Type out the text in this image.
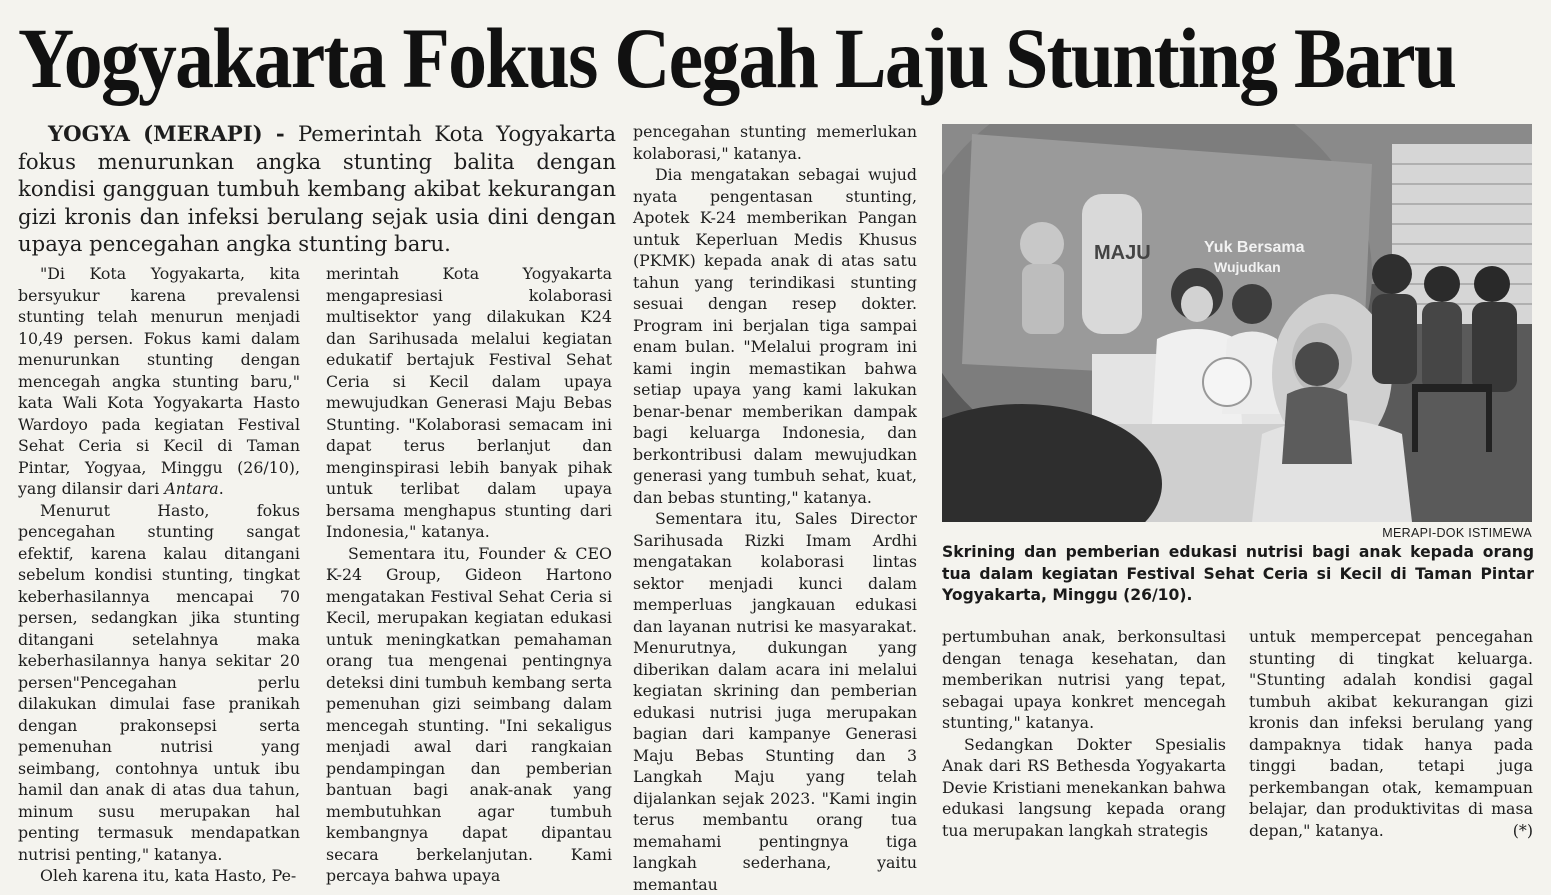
Yogyakarta Fokus Cegah Laju Stunting Baru

YOGYA (MERAPI) - Pemerintah Kota Yogyakarta fokus menurunkan angka stunting balita dengan kondisi gangguan tumbuh kembang akibat kekurangan gizi kronis dan infeksi berulang sejak usia dini dengan upaya pencegahan angka stunting baru.

"Di Kota Yogyakarta, kita bersyukur karena prevalensi stunting telah menurun menjadi 10,49 persen. Fokus kami dalam menurunkan stunting dengan mencegah angka stunting baru," kata Wali Kota Yogyakarta Hasto Wardoyo pada kegiatan Festival Sehat Ceria si Kecil di Taman Pintar, Yogyaa, Minggu (26/10), yang dilansir dari Antara.

Menurut Hasto, fokus pencegahan stunting sangat efektif, karena kalau ditangani sebelum kondisi stunting, tingkat keberhasilannya mencapai 70 persen, sedangkan jika stunting ditangani setelahnya maka keberhasilannya hanya sekitar 20 persen"Pencegahan perlu dilakukan dimulai fase pranikah dengan prakonsepsi serta pemenuhan nutrisi yang seimbang, contohnya untuk ibu hamil dan anak di atas dua tahun, minum susu merupakan hal penting termasuk mendapatkan nutrisi penting," katanya.

Oleh karena itu, kata Hasto, Pe-

merintah Kota Yogyakarta mengapresiasi kolaborasi multisektor yang dilakukan K24 dan Sarihusada melalui kegiatan edukatif bertajuk Festival Sehat Ceria si Kecil dalam upaya mewujudkan Generasi Maju Bebas Stunting. "Kolaborasi semacam ini dapat terus berlanjut dan menginspirasi lebih banyak pihak untuk terlibat dalam upaya bersama menghapus stunting dari Indonesia," katanya.

Sementara itu, Founder & CEO K-24 Group, Gideon Hartono mengatakan Festival Sehat Ceria si Kecil, merupakan kegiatan edukasi untuk meningkatkan pemahaman orang tua mengenai pentingnya deteksi dini tumbuh kembang serta pemenuhan gizi seimbang dalam mencegah stunting. "Ini sekaligus menjadi awal dari rangkaian pendampingan dan pemberian bantuan bagi anak-anak yang membutuhkan agar tumbuh kembangnya dapat dipantau secara berkelanjutan. Kami percaya bahwa upaya

pencegahan stunting memerlukan kolaborasi," katanya.

Dia mengatakan sebagai wujud nyata pengentasan stunting, Apotek K-24 memberikan Pangan untuk Keperluan Medis Khusus (PKMK) kepada anak di atas satu tahun yang terindikasi stunting sesuai dengan resep dokter. Program ini berjalan tiga sampai enam bulan. "Melalui program ini kami ingin memastikan bahwa setiap upaya yang kami lakukan benar-benar memberikan dampak bagi keluarga Indonesia, dan berkontribusi dalam mewujudkan generasi yang tumbuh sehat, kuat, dan bebas stunting," katanya.

Sementara itu, Sales Director Sarihusada Rizki Imam Ardhi mengatakan kolaborasi lintas sektor menjadi kunci dalam memperluas jangkauan edukasi dan layanan nutrisi ke masyarakat. Menurutnya, dukungan yang diberikan dalam acara ini melalui kegiatan skrining dan pemberian edukasi nutrisi juga merupakan bagian dari kampanye Generasi Maju Bebas Stunting dan 3 Langkah Maju yang telah dijalankan sejak 2023. "Kami ingin terus membantu orang tua memahami pentingnya tiga langkah sederhana, yaitu memantau

MAJU	Yuk Bersama
Wujudkan
MERAPI-DOK ISTIMEWA
Skrining dan pemberian edukasi nutrisi bagi anak kepada orang tua dalam kegiatan Festival Sehat Ceria si Kecil di Taman Pintar Yogyakarta, Minggu (26/10).

pertumbuhan anak, berkonsultasi dengan tenaga kesehatan, dan memberikan nutrisi yang tepat, sebagai upaya konkret mencegah stunting," katanya.

Sedangkan Dokter Spesialis Anak dari RS Bethesda Yogyakarta Devie Kristiani menekankan bahwa edukasi langsung kepada orang tua merupakan langkah strategis

untuk mempercepat pencegahan stunting di tingkat keluarga. "Stunting adalah kondisi gagal tumbuh akibat kekurangan gizi kronis dan infeksi berulang yang dampaknya tidak hanya pada tinggi badan, tetapi juga perkembangan otak, kemampuan belajar, dan produktivitas di masa depan," katanya.	(*)
